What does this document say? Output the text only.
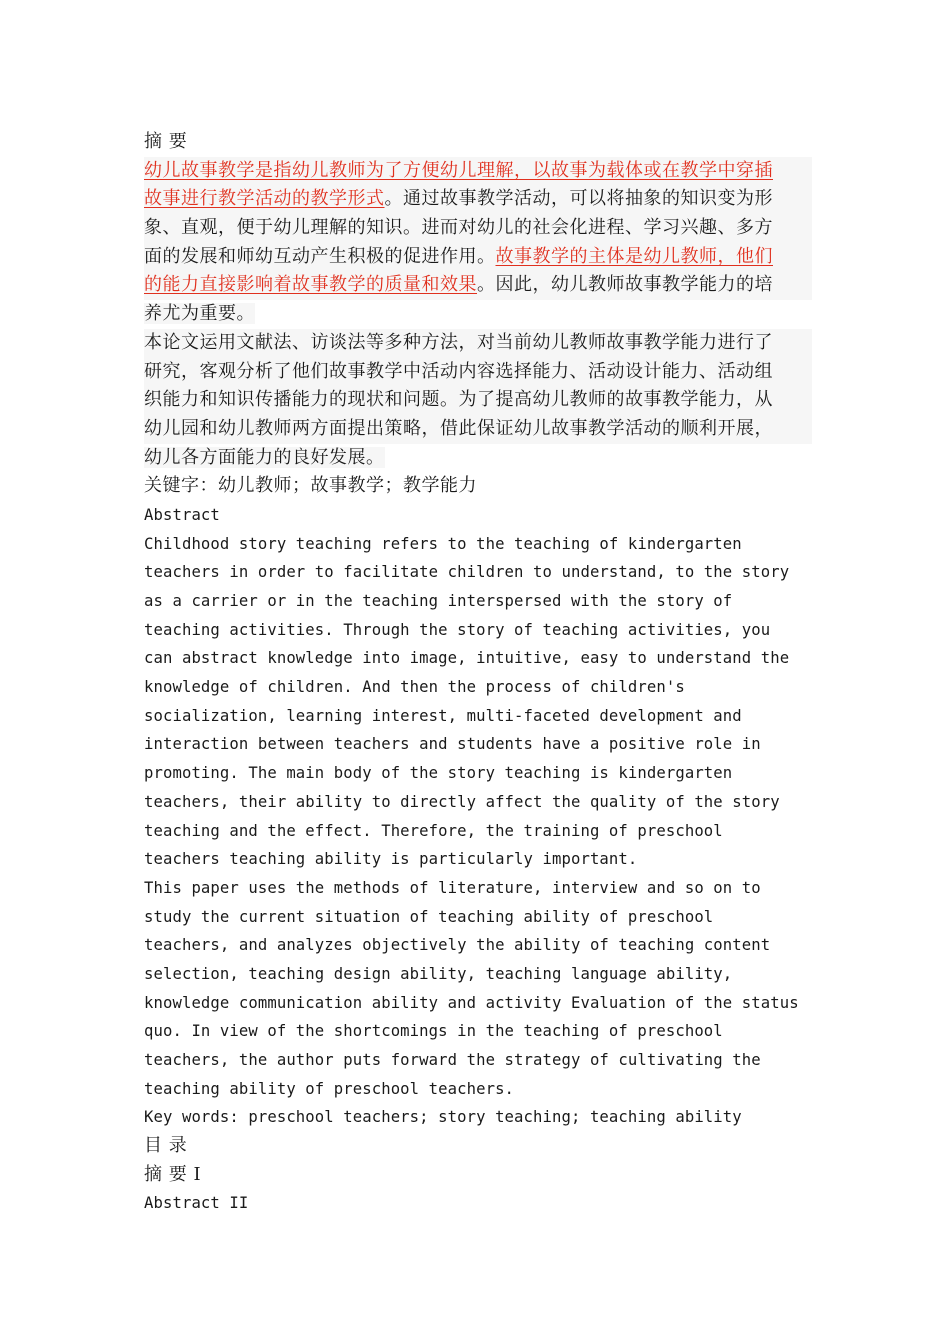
摘 要
幼儿故事教学是指幼儿教师为了方便幼儿理解，以故事为载体或在教学中穿插
故事进行教学活动的教学形式。通过故事教学活动，可以将抽象的知识变为形
象、直观，便于幼儿理解的知识。进而对幼儿的社会化进程、学习兴趣、多方
面的发展和师幼互动产生积极的促进作用。故事教学的主体是幼儿教师，他们
的能力直接影响着故事教学的质量和效果。因此，幼儿教师故事教学能力的培
养尤为重要。
本论文运用文献法、访谈法等多种方法，对当前幼儿教师故事教学能力进行了
研究，客观分析了他们故事教学中活动内容选择能力、活动设计能力、活动组
织能力和知识传播能力的现状和问题。为了提高幼儿教师的故事教学能力，从
幼儿园和幼儿教师两方面提出策略，借此保证幼儿故事教学活动的顺利开展，
幼儿各方面能力的良好发展。
关键字：幼儿教师；故事教学；教学能力
Abstract
Childhood story teaching refers to the teaching of kindergarten
teachers in order to facilitate children to understand, to the story
as a carrier or in the teaching interspersed with the story of
teaching activities. Through the story of teaching activities, you
can abstract knowledge into image, intuitive, easy to understand the
knowledge of children. And then the process of children's
socialization, learning interest, multi-faceted development and
interaction between teachers and students have a positive role in
promoting. The main body of the story teaching is kindergarten
teachers, their ability to directly affect the quality of the story
teaching and the effect. Therefore, the training of preschool
teachers teaching ability is particularly important.
This paper uses the methods of literature, interview and so on to
study the current situation of teaching ability of preschool
teachers, and analyzes objectively the ability of teaching content
selection, teaching design ability, teaching language ability,
knowledge communication ability and activity Evaluation of the status
quo. In view of the shortcomings in the teaching of preschool
teachers, the author puts forward the strategy of cultivating the
teaching ability of preschool teachers.
Key words: preschool teachers; story teaching; teaching ability
目 录
摘 要 I
Abstract II
